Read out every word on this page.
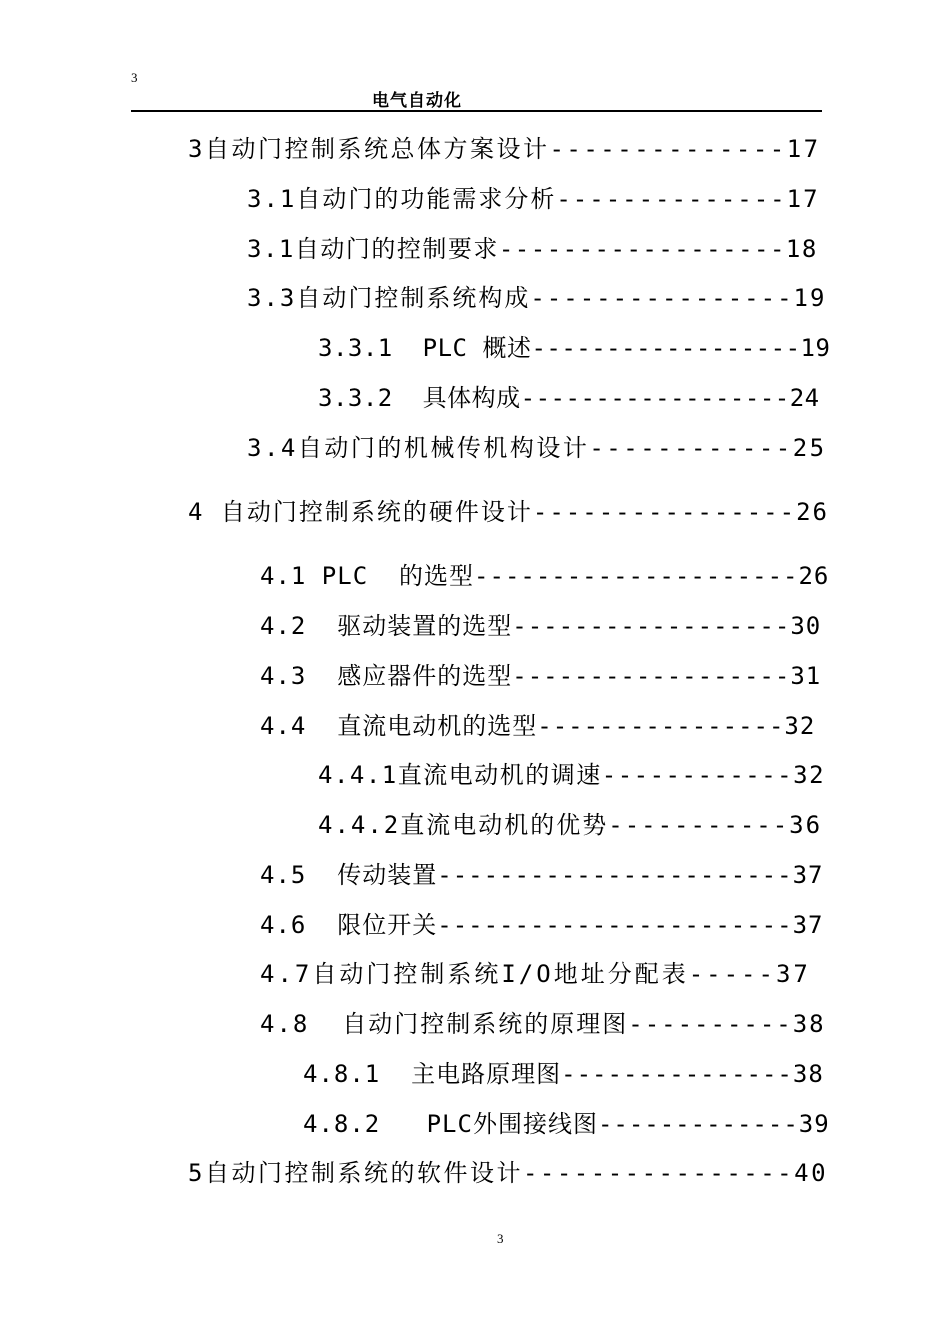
3
电气自动化
3自动门控制系统总体方案设计--------------17
3.1自动门的功能需求分析--------------17
3.1自动门的控制要求------------------18
3.3自动门控制系统构成----------------19
3.3.1  PLC 概述------------------19
3.3.2  具体构成------------------24
3.4自动门的机械传机构设计------------25
4 自动门控制系统的硬件设计----------------26
4.1 PLC  的选型---------------------26
4.2  驱动装置的选型------------------30
4.3  感应器件的选型------------------31
4.4  直流电动机的选型----------------32
4.4.1直流电动机的调速------------32
4.4.2直流电动机的优势-----------36
4.5  传动装置-----------------------37
4.6  限位开关-----------------------37
4.7自动门控制系统I/O地址分配表-----37
4.8  自动门控制系统的原理图----------38
4.8.1  主电路原理图---------------38
4.8.2   PLC外围接线图-------------39
5自动门控制系统的软件设计----------------40
3
